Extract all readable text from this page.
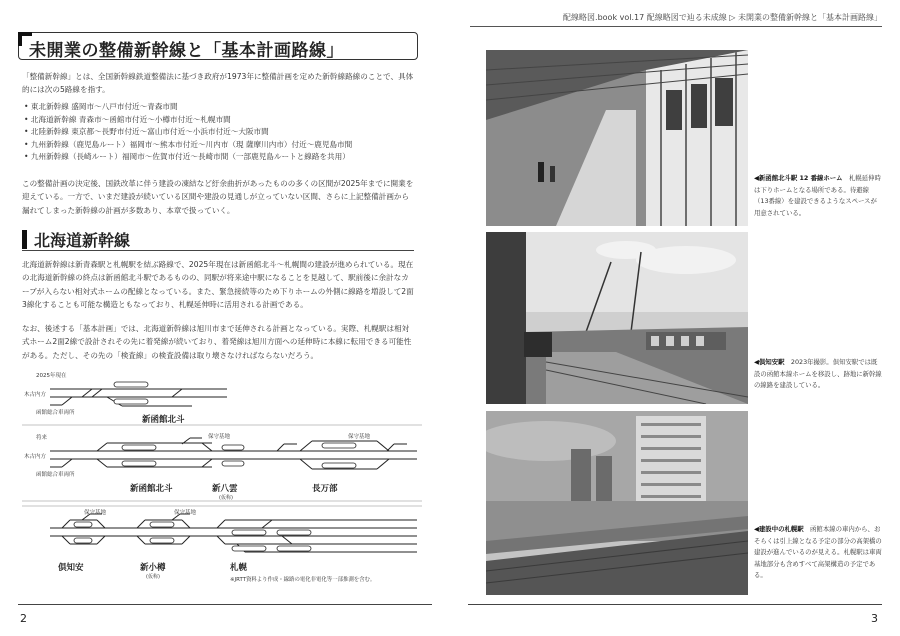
未開業の整備新幹線と「基本計画路線」

「整備新幹線」とは、全国新幹線鉄道整備法に基づき政府が1973年に整備計画を定めた新幹線路線のことで、具体的には次の5路線を指す。

• 東北新幹線 盛岡市〜八戸市付近〜青森市間
• 北海道新幹線 青森市〜函館市付近〜小樽市付近〜札幌市間
• 北陸新幹線 東京都〜長野市付近〜富山市付近〜小浜市付近〜大阪市間
• 九州新幹線（鹿児島ルート）福岡市〜熊本市付近〜川内市（現 薩摩川内市）付近〜鹿児島市間
• 九州新幹線（長崎ルート）福岡市〜佐賀市付近〜長崎市間（一部鹿児島ルートと線路を共用）

この整備計画の決定後、国鉄改革に伴う建設の凍結など紆余曲折があったものの多くの区間が2025年までに開業を迎えている。一方で、いまだ建設が続いている区間や建設の見通しが立っていない区間、さらに上記整備計画から漏れてしまった新幹線の計画が多数あり、本章で扱っていく。

北海道新幹線

北海道新幹線は新青森駅と札幌駅を結ぶ路線で、2025年現在は新函館北斗〜札幌間の建設が進められている。現在の北海道新幹線の終点は新函館北斗駅であるものの、同駅が将来途中駅になることを見越して、駅前後に余計なカーブが入らない相対式ホームの配線となっている。また、緊急接続等のため下りホームの外側に線路を増設して2面3線化することも可能な構造ともなっており、札幌延伸時に活用される計画である。

なお、後述する「基本計画」では、北海道新幹線は旭川市まで延伸される計画となっている。実際、札幌駅は相対式ホーム2面2線で設計されその先に着発線が続いており、着発線は旭川方面への延伸時に本線に転用できる可能性がある。ただし、その先の「検査線」の検査設備は取り壊さなければならないだろう。

2025年現在
木古内方
函館総合車両所
新函館北斗
将来
木古内方
函館総合車両所
保守基地	保守基地
新函館北斗	新八雲
(仮称)
長万部
保守基地	保守基地
倶知安	新小樽
(仮称)
札幌
※JRTT資料より作成・線路の電化非電化等一部推測を含む。
2
配線略図.book vol.17 配線略図で辿る未成線 ▷ 未開業の整備新幹線と「基本計画路線」

◀新函館北斗駅 12 番線ホーム　 札幌延伸時は下りホームとなる場所である。待避線（13番線）を建設できるようなスペースが用意されている。

◀倶知安駅　 2023年撮影。倶知安駅では既設の函館本線ホームを移設し、跡地に新幹線の線路を建設している。

◀建設中の札幌駅　 函館本線の車内から、おそらくは引上線となる予定の部分の高架橋の建設が進んでいるのが見える。札幌駅は車両基地部分も含めすべて高架構造の予定である。

3
